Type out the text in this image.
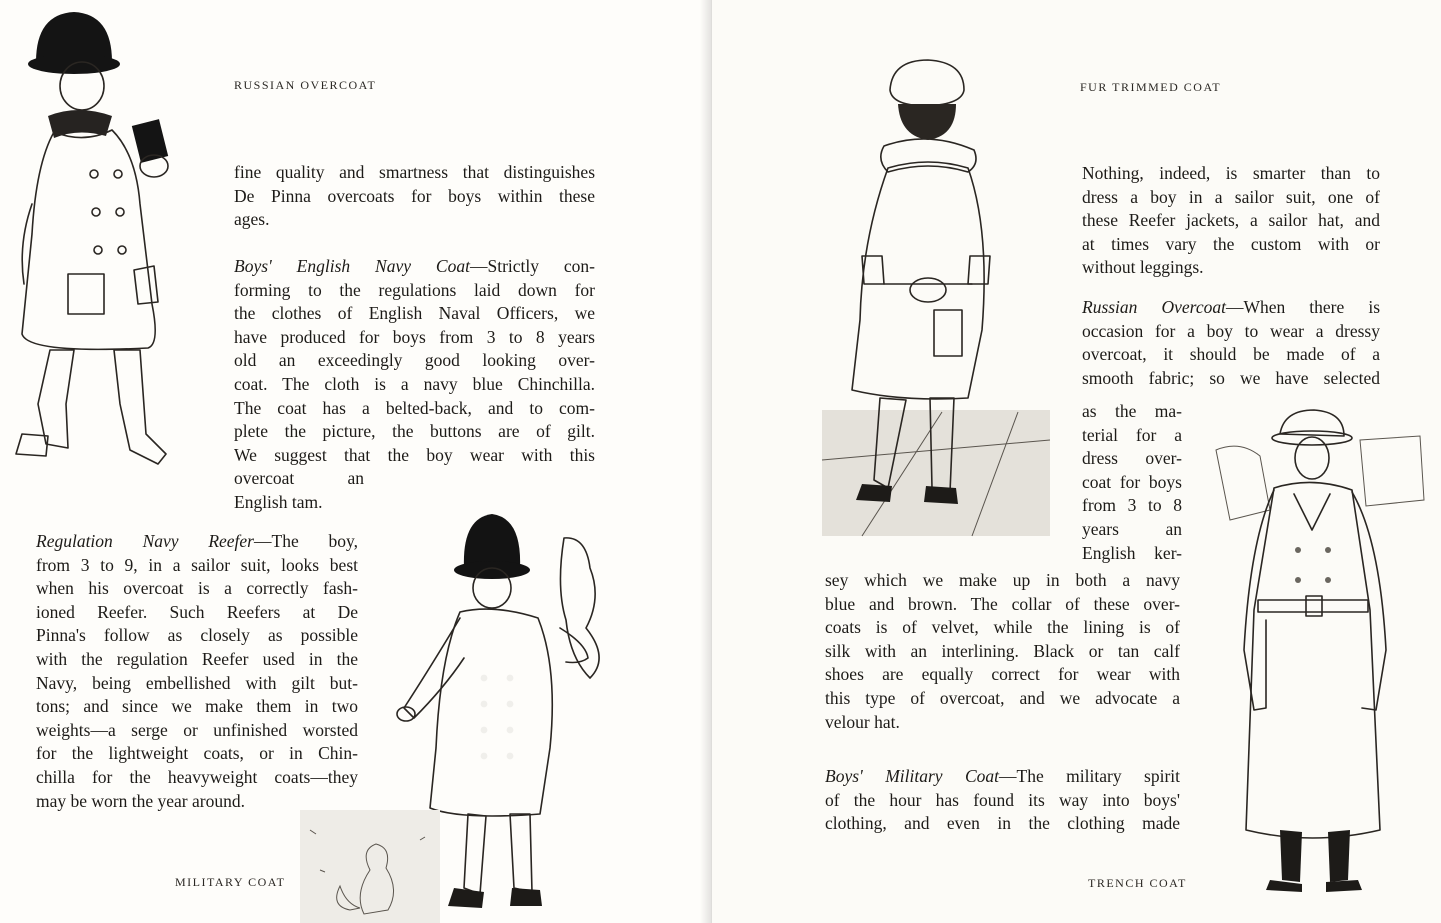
RUSSIAN OVERCOAT
fine quality and smartness that distinguishes
De Pinna overcoats for boys within these
ages.
Boys' English Navy Coat—Strictly con-
forming to the regulations laid down for
the clothes of English Naval Officers, we
have produced for boys from 3 to 8 years
old an exceedingly good looking over-
coat. The cloth is a navy blue Chinchilla.
The coat has a belted-back, and to com-
plete the picture, the buttons are of gilt.
We suggest that the boy wear with this
overcoat an
English tam.
Regulation Navy Reefer—The boy,
from 3 to 9, in a sailor suit, looks best
when his overcoat is a correctly fash-
ioned Reefer. Such Reefers at De
Pinna's follow as closely as possible
with the regulation Reefer used in the
Navy, being embellished with gilt but-
tons; and since we make them in two
weights—a serge or unfinished worsted
for the lightweight coats, or in Chin-
chilla for the heavyweight coats—they
may be worn the year around.
MILITARY COAT
FUR TRIMMED COAT
Nothing, indeed, is smarter than to
dress a boy in a sailor suit, one of
these Reefer jackets, a sailor hat, and
at times vary the custom with or
without leggings.
Russian Overcoat—When there is
occasion for a boy to wear a dressy
overcoat, it should be made of a
smooth fabric; so we have selected
as the ma-
terial for a
dress over-
coat for boys
from 3 to 8
years an
English ker-
sey which we make up in both a navy
blue and brown. The collar of these over-
coats is of velvet, while the lining is of
silk with an interlining. Black or tan calf
shoes are equally correct for wear with
this type of overcoat, and we advocate a
velour hat.
Boys' Military Coat—The military spirit
of the hour has found its way into boys'
clothing, and even in the clothing made
TRENCH COAT
